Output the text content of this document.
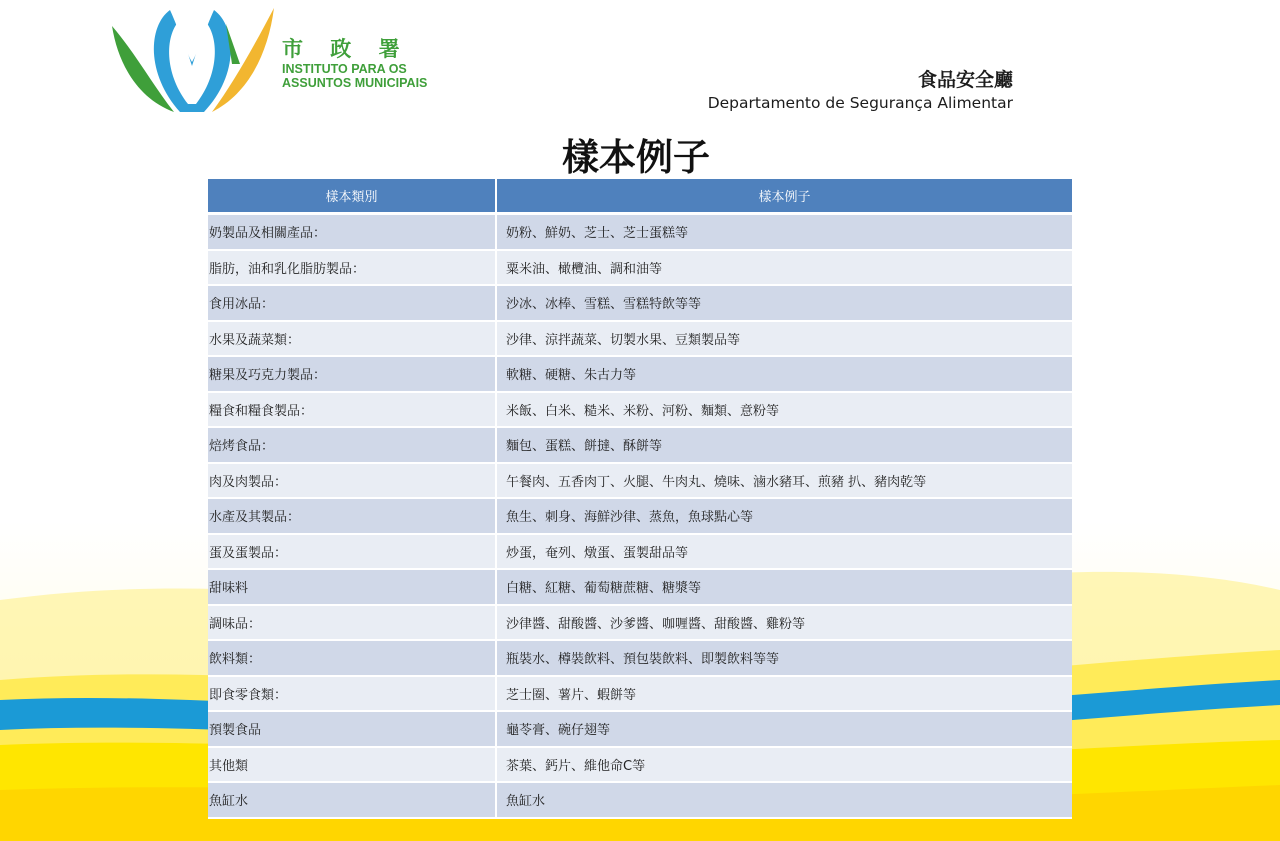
市 政 署
INSTITUTO PARA OS
ASSUNTOS MUNICIPAIS	食品安全廳
Departamento de Segurança Alimentar
樣本例子
樣本類別	樣本例子
奶製品及相關產品：	奶粉、鮮奶、芝士、芝士蛋糕等
脂肪，油和乳化脂肪製品：	粟米油、橄欖油、調和油等
食用冰品：	沙冰、冰棒、雪糕、雪糕特飲等等
水果及蔬菜類：	沙律、涼拌蔬菜、切製水果、豆類製品等
糖果及巧克力製品：	軟糖、硬糖、朱古力等
糧食和糧食製品：	米飯、白米、糙米、米粉、河粉、麵類、意粉等
焙烤食品：	麵包、蛋糕、餅撻、酥餅等
肉及肉製品：	午餐肉、五香肉丁、火腿、牛肉丸、燒味、滷水豬耳、煎豬 扒、豬肉乾等
水產及其製品：	魚生、刺身、海鮮沙律、蒸魚，魚球點心等
蛋及蛋製品：	炒蛋，奄列、燉蛋、蛋製甜品等
甜味料	白糖、紅糖、葡萄糖蔗糖、糖漿等
調味品：	沙律醬、甜酸醬、沙爹醬、咖喱醬、甜酸醬、雞粉等
飲料類：	瓶裝水、樽裝飲料、預包裝飲料、即製飲料等等
即食零食類：	芝士圈、薯片、蝦餅等
預製食品	龜苓膏、碗仔翅等
其他類	茶葉、鈣片、維他命C等
魚缸水	魚缸水
